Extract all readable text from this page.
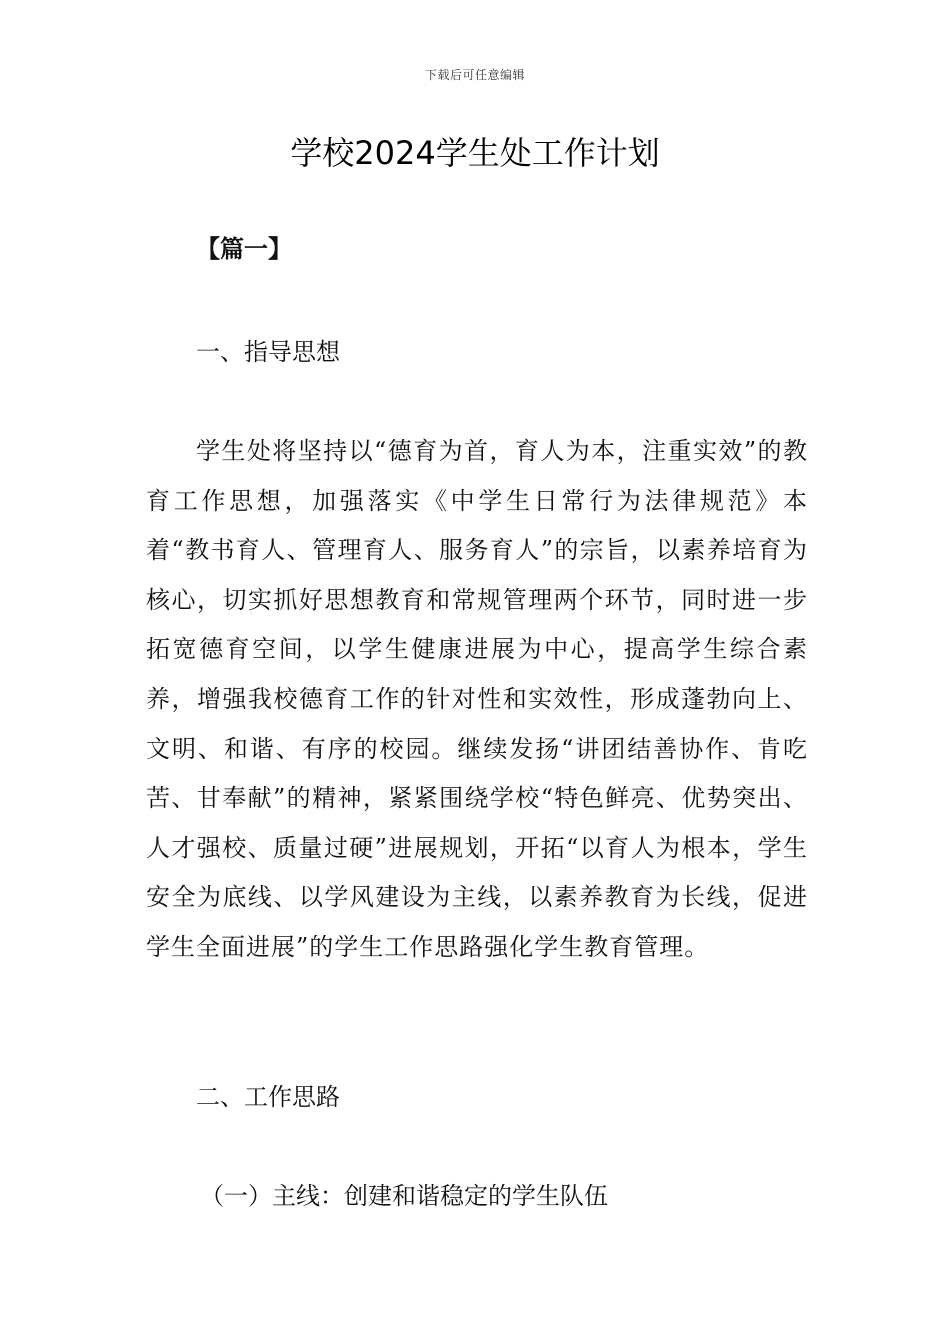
下载后可任意编辑
学校2024学生处工作计划
【篇一】
一、指导思想

学生处将坚持以“德育为首，育人为本，注重实效”的教育工作思想，加强落实《中学生日常行为法律规范》本着“教书育人、管理育人、服务育人”的宗旨，以素养培育为核心，切实抓好思想教育和常规管理两个环节，同时进一步拓宽德育空间，以学生健康进展为中心，提高学生综合素养，增强我校德育工作的针对性和实效性，形成蓬勃向上、文明、和谐、有序的校园。继续发扬“讲团结善协作、肯吃苦、甘奉献”的精神，紧紧围绕学校“特色鲜亮、优势突出、人才强校、质量过硬”进展规划，开拓“以育人为根本，学生安全为底线、以学风建设为主线，以素养教育为长线，促进学生全面进展”的学生工作思路强化学生教育管理。

二、工作思路
（一）主线：创建和谐稳定的学生队伍
